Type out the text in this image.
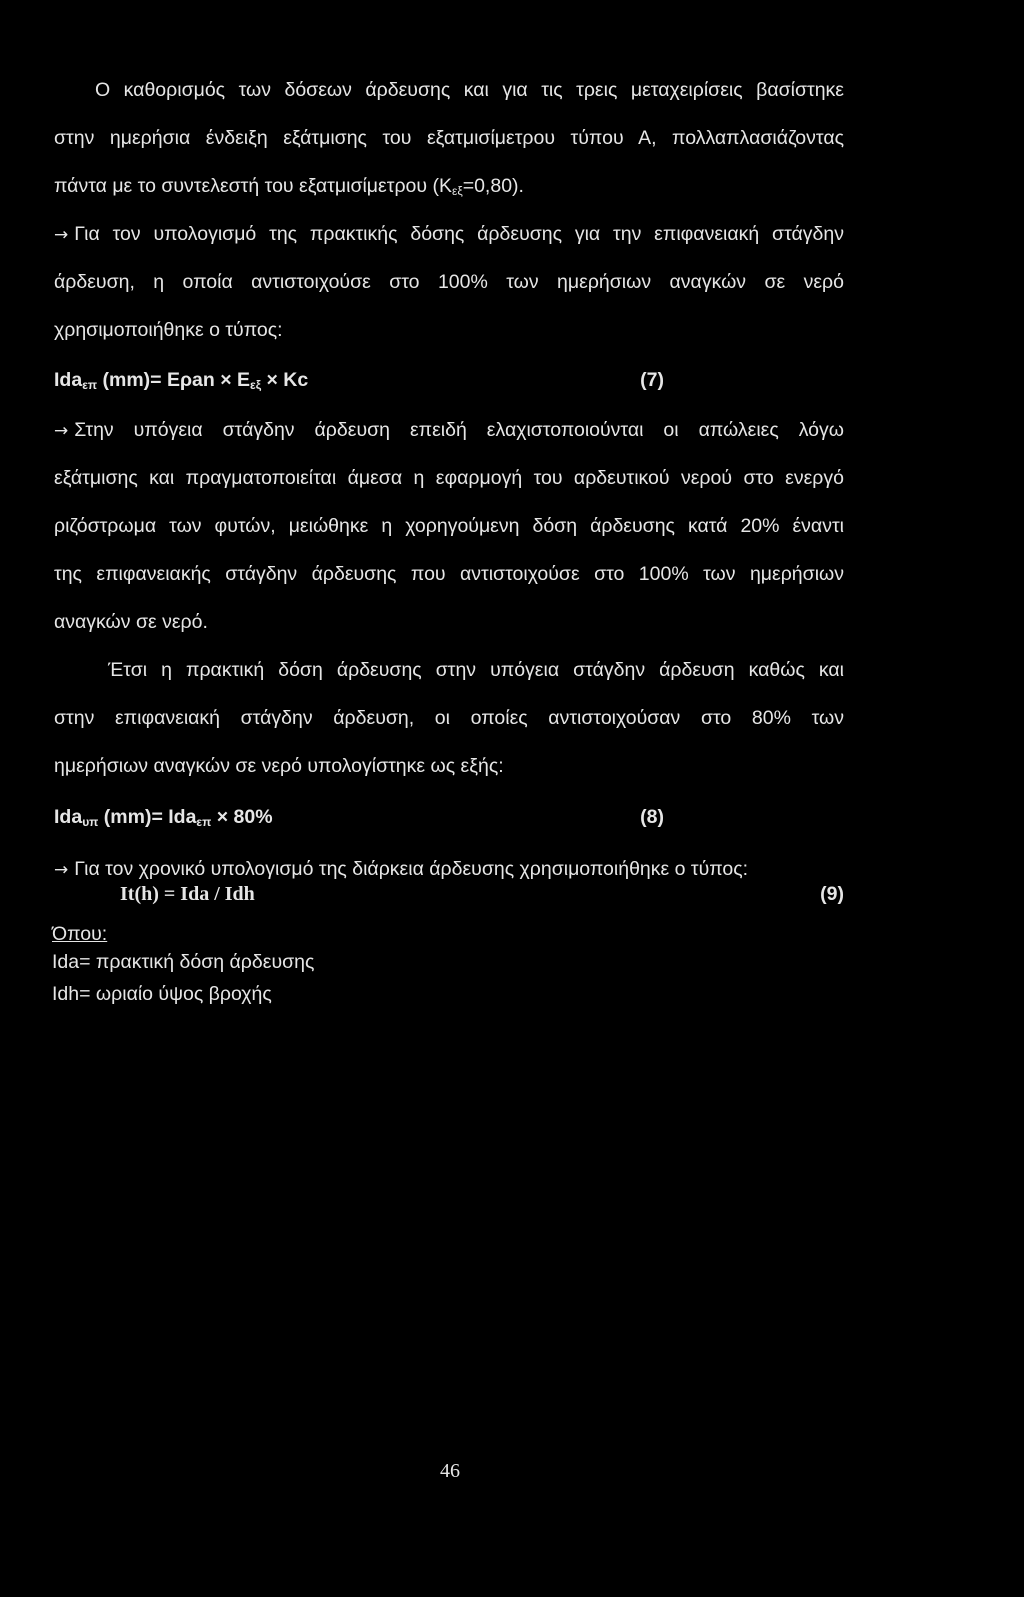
Ο καθορισμός των δόσεων άρδευσης και για τις τρεις μεταχειρίσεις βασίστηκε
στην ημερήσια ένδειξη εξάτμισης του εξατμισίμετρου τύπου Α, πολλαπλασιάζοντας
πάντα με το συντελεστή του εξατμισίμετρου $(K_{\varepsilon\xi}=0,80)$.
→ Για τον υπολογισμό της πρακτικής δόσης άρδευσης για την επιφανειακή στάγδην
άρδευση, η οποία αντιστοιχούσε στο 100% των ημερήσιων αναγκών σε νερό
χρησιμοποιήθηκε ο τύπος:
Ida$_{\varepsilon\pi}$ $(mm)= E\rho an \times E_{\varepsilon\xi} \times Kc$	(7)
→ Στην υπόγεια στάγδην άρδευση επειδή ελαχιστοποιούνται οι απώλειες λόγω
εξάτμισης και πραγματοποιείται άμεσα η εφαρμογή του αρδευτικού νερού στο ενεργό
ριζόστρωμα των φυτών, μειώθηκε η χορηγούμενη δόση άρδευσης κατά 20% έναντι
της επιφανειακής στάγδην άρδευσης που αντιστοιχούσε στο 100% των ημερήσιων
αναγκών σε νερό.
Έτσι η πρακτική δόση άρδευσης στην υπόγεια στάγδην άρδευση καθώς και
στην επιφανειακή στάγδην άρδευση, οι οποίες αντιστοιχούσαν στο 80% των
ημερήσιων αναγκών σε νερό υπολογίστηκε ως εξής:
Ida$_{\upsilon\pi}$ (mm)= Ida$_{\varepsilon\pi}$ × 80%	(8)
→ Για τον χρονικό υπολογισμό της διάρκεια άρδευσης χρησιμοποιήθηκε ο τύπος:
It(h) = Ida / Idh	(9)
Όπου:
Ida= πρακτική δόση άρδευσης
Idh= ωριαίο ύψος βροχής
46
